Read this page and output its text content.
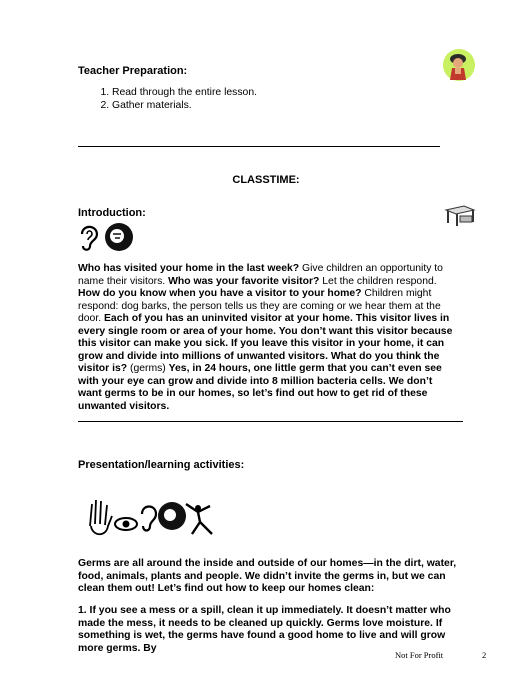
Teacher Preparation:
1. Read through the entire lesson.
2. Gather materials.
CLASSTIME:
Introduction:

Who has visited your home in the last week? Give children an opportunity to name their visitors. Who was your favorite visitor? Let the children respond. How do you know when you have a visitor to your home? Children might respond: dog barks, the person tells us they are coming or we hear them at the door. Each of you has an uninvited visitor at your home. This visitor lives in every single room or area of your home. You don’t want this visitor because this visitor can make you sick. If you leave this visitor in your home, it can grow and divide into millions of unwanted visitors. What do you think the visitor is? (germs) Yes, in 24 hours, one little germ that you can’t even see with your eye can grow and divide into 8 million bacteria cells. We don’t want germs to be in our homes, so let’s find out how to get rid of these unwanted visitors.

Presentation/learning activities:
Germs are all around the inside and outside of our homes—in the dirt, water, food, animals, plants and people. We didn’t invite the germs in, but we can clean them out! Let’s find out how to keep our homes clean:
1. If you see a mess or a spill, clean it up immediately. It doesn’t matter who made the mess, it needs to be cleaned up quickly. Germs love moisture. If something is wet, the germs have found a good home to live and will grow more germs. By
Not For Profit	2
